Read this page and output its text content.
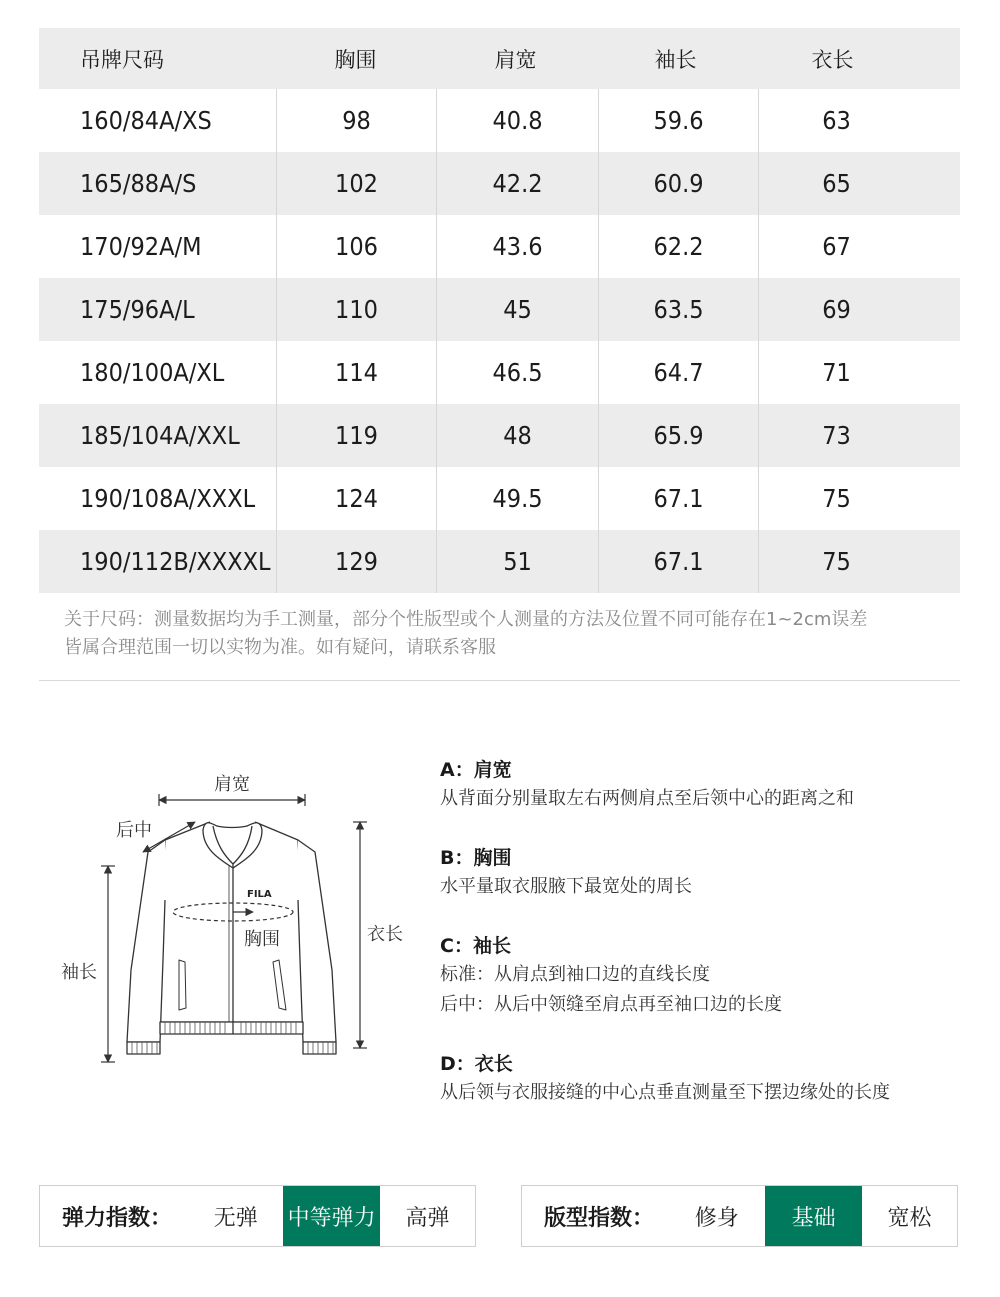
吊牌尺码	胸围	肩宽	袖长	衣长
160/84A/XS	98	40.8	59.6	63
165/88A/S	102	42.2	60.9	65
170/92A/M	106	43.6	62.2	67
175/96A/L	110	45	63.5	69
180/100A/XL	114	46.5	64.7	71
185/104A/XXL	119	48	65.9	73
190/108A/XXXL	124	49.5	67.1	75
190/112B/XXXXL	129	51	67.1	75
关于尺码：测量数据均为手工测量，部分个性版型或个人测量的方法及位置不同可能存在1~2cm误差
皆属合理范围一切以实物为准。如有疑问，请联系客服
FILA
肩宽
后中
胸围
袖长
衣长
A：肩宽
从背面分别量取左右两侧肩点至后领中心的距离之和
B：胸围
水平量取衣服腋下最宽处的周长
C：袖长
标准：从肩点到袖口边的直线长度
后中：从后中领缝至肩点再至袖口边的长度
D：衣长
从后领与衣服接缝的中心点垂直测量至下摆边缘处的长度
弹力指数：	无弹	中等弹力	高弹	版型指数：	修身	基础	宽松
